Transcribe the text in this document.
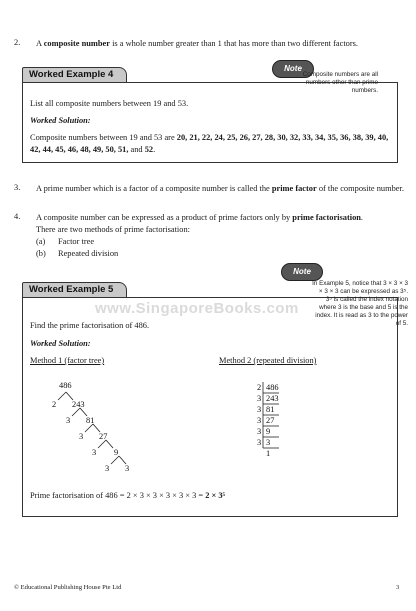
2. A composite number is a whole number greater than 1 that has more than two different factors.
Worked Example 4
Note
Composite numbers are all numbers other than prime numbers.
List all composite numbers between 19 and 53.
Worked Solution:
Composite numbers between 19 and 53 are 20, 21, 22, 24, 25, 26, 27, 28, 30, 32, 33, 34, 35, 36, 38, 39, 40, 42, 44, 45, 46, 48, 49, 50, 51, and 52.
3. A prime number which is a factor of a composite number is called the prime factor of the composite number.
4. A composite number can be expressed as a product of prime factors only by prime factorisation.
There are two methods of prime factorisation:
(a) Factor tree
(b) Repeated division
Worked Example 5
Note
In Example 5, notice that 3 × 3 × 3 × 3 × 3 can be expressed as 3⁵. 3⁵ is called the index notation where 3 is the base and 5 is the index. It is read as 3 to the power of 5.
www.SingaporeBooks.com
Find the prime factorisation of 486.
Worked Solution:
Method 1 (factor tree)	Method 2 (repeated division)
486
2 243
3 81
3 27
3 9
3 3
486
243
81
27
9
3
1
2
3
3
3
3
3
Prime factorisation of 486 = 2 × 3 × 3 × 3 × 3 × 3 = 2 × 3⁵
© Educational Publishing House Pte Ltd	3
